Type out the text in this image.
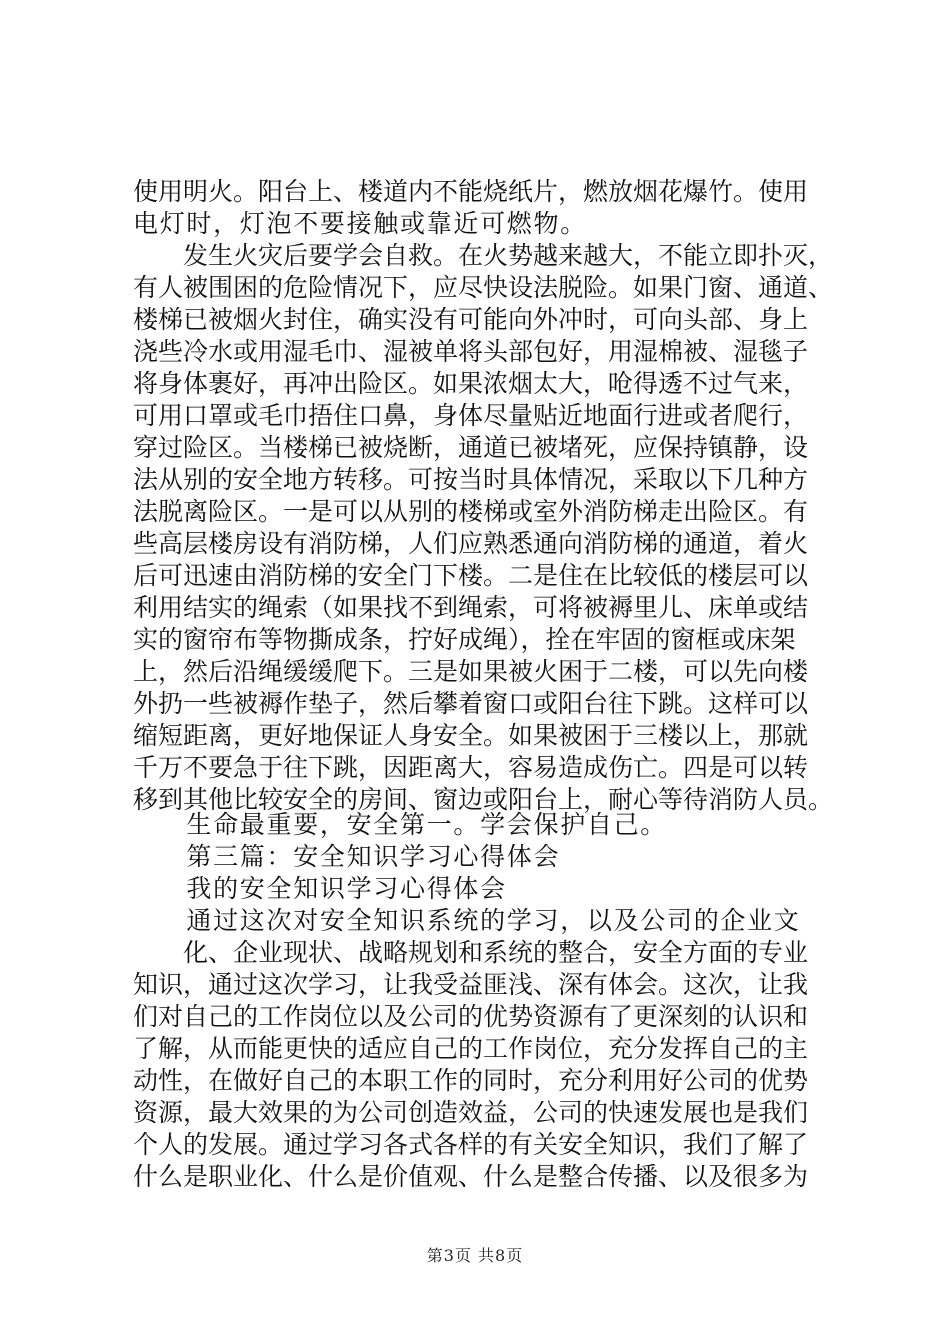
使用明火。阳台上、楼道内不能烧纸片，燃放烟花爆竹。使用
电灯时，灯泡不要接触或靠近可燃物。
　　发生火灾后要学会自救。在火势越来越大，不能立即扑灭，
有人被围困的危险情况下，应尽快设法脱险。如果门窗、通道、
楼梯已被烟火封住，确实没有可能向外冲时，可向头部、身上
浇些冷水或用湿毛巾、湿被单将头部包好，用湿棉被、湿毯子
将身体裹好，再冲出险区。如果浓烟太大，呛得透不过气来，
可用口罩或毛巾捂住口鼻，身体尽量贴近地面行进或者爬行，
穿过险区。当楼梯已被烧断，通道已被堵死，应保持镇静，设
法从别的安全地方转移。可按当时具体情况，采取以下几种方
法脱离险区。一是可以从别的楼梯或室外消防梯走出险区。有
些高层楼房设有消防梯，人们应熟悉通向消防梯的通道，着火
后可迅速由消防梯的安全门下楼。二是住在比较低的楼层可以
利用结实的绳索（如果找不到绳索，可将被褥里儿、床单或结
实的窗帘布等物撕成条，拧好成绳），拴在牢固的窗框或床架
上，然后沿绳缓缓爬下。三是如果被火困于二楼，可以先向楼
外扔一些被褥作垫子，然后攀着窗口或阳台往下跳。这样可以
缩短距离，更好地保证人身安全。如果被困于三楼以上，那就
千万不要急于往下跳，因距离大，容易造成伤亡。四是可以转
移到其他比较安全的房间、窗边或阳台上，耐心等待消防人员。
　　生命最重要，安全第一。学会保护自己。
　　第三篇：安全知识学习心得体会
　　我的安全知识学习心得体会
　　通过这次对安全知识系统的学习，以及公司的企业文
　　化、企业现状、战略规划和系统的整合，安全方面的专业
知识，通过这次学习，让我受益匪浅、深有体会。这次，让我
们对自己的工作岗位以及公司的优势资源有了更深刻的认识和
了解，从而能更快的适应自己的工作岗位，充分发挥自己的主
动性，在做好自己的本职工作的同时，充分利用好公司的优势
资源，最大效果的为公司创造效益，公司的快速发展也是我们
个人的发展。通过学习各式各样的有关安全知识，我们了解了
什么是职业化、什么是价值观、什么是整合传播、以及很多为
第3页 共8页
